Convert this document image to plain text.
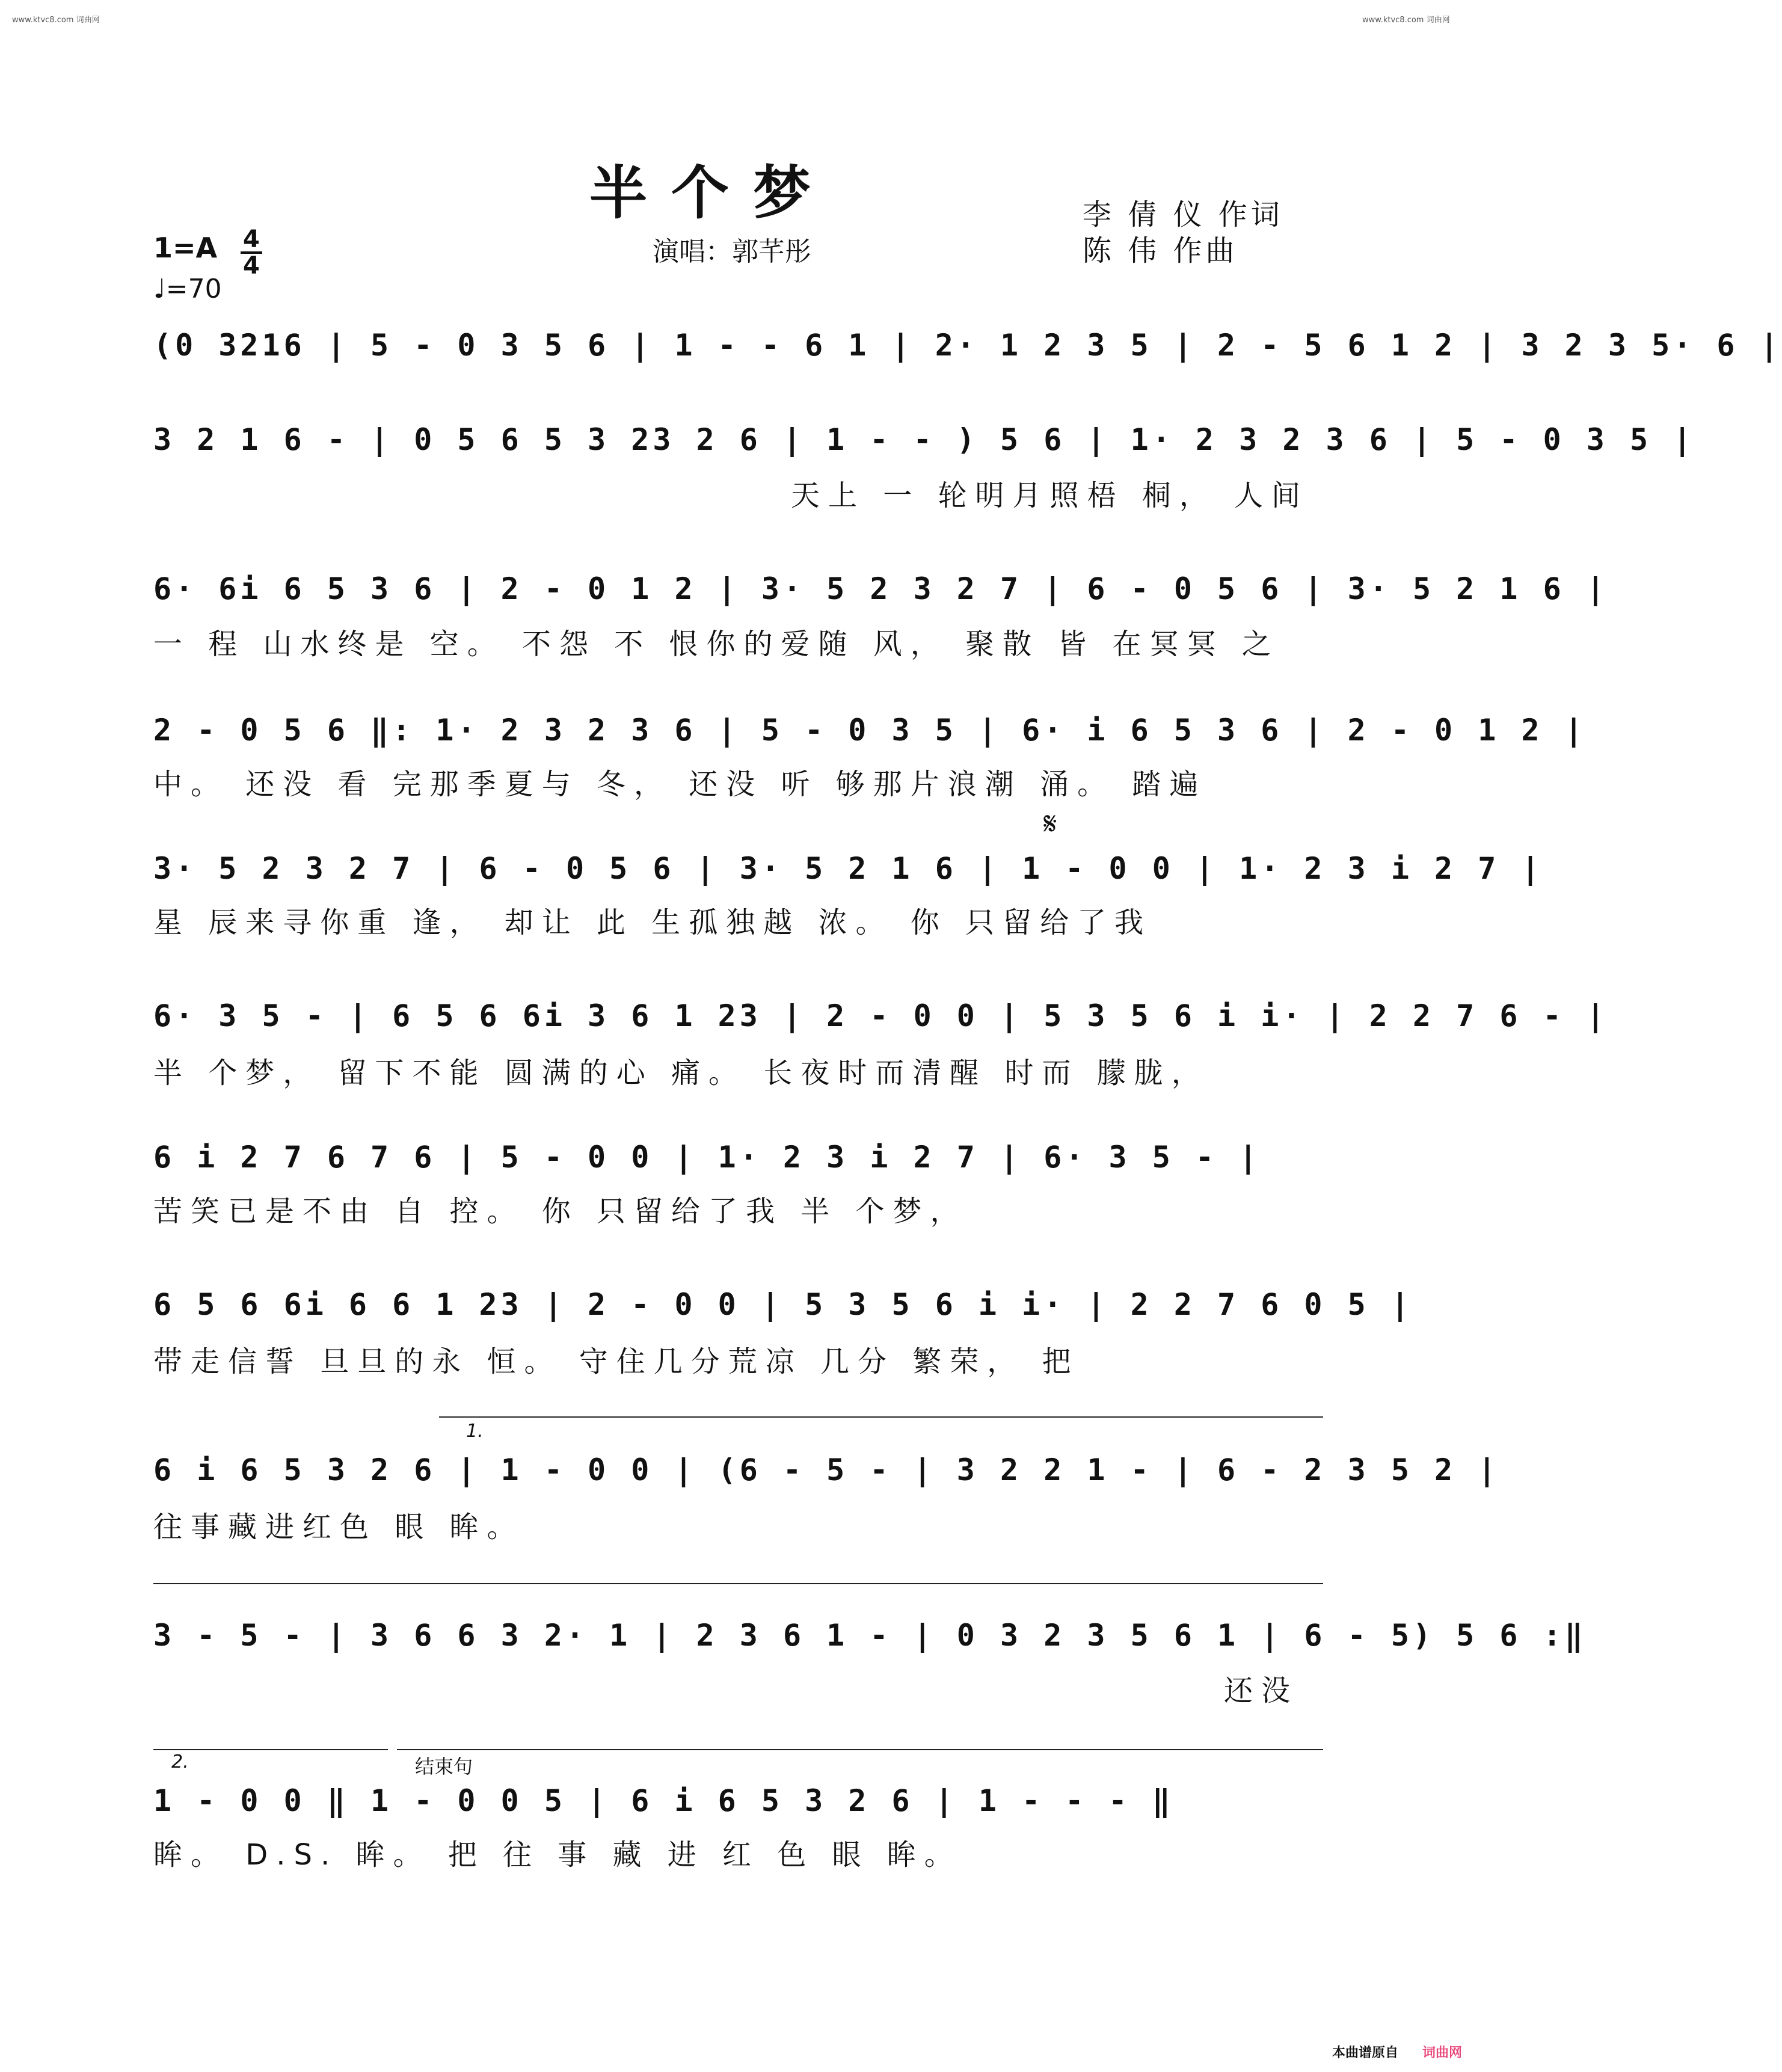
www.ktvc8.com 词曲网	www.ktvc8.com 词曲网
半个梦	李 倩 仪 作词
陈 伟 作曲
演唱：郭芊彤
$1=A \frac{4}{4}$
♩=70
(0 3216 | 5 - 0 3 5 6 | 1 - - 6 1 | 2· 1 2 3 5 | 2 - 5 6 1 2 | 3 2 3 5· 6 |
3 2 1 6 - | 0 5 6 5 3 23 2 6 | 1 - - ) 5 6 | 1· 2 3 2 3 6 | 5 - 0 3 5 |
天上 一 轮明月照梧 桐， 人间
6· 6i 6 5 3 6 | 2 - 0 1 2 | 3· 5 2 3 2 7 | 6 - 0 5 6 | 3· 5 2 1 6 |
一 程 山水终是 空。 不怨 不 恨你的爱随 风， 聚散 皆 在冥冥 之
2 - 0 5 6 ‖: 1· 2 3 2 3 6 | 5 - 0 3 5 | 6· i 6 5 3 6 | 2 - 0 1 2 |
中。 还没 看 完那季夏与 冬， 还没 听 够那片浪潮 涌。 踏遍
𝄋
3· 5 2 3 2 7 | 6 - 0 5 6 | 3· 5 2 1 6 | 1 - 0 0 | 1· 2 3 i 2 7 |
星 辰来寻你重 逢， 却让 此 生孤独越 浓。 你 只留给了我
6· 3 5 - | 6 5 6 6i 3 6 1 23 | 2 - 0 0 | 5 3 5 6 i i· | 2 2 7 6 - |
半 个梦， 留下不能 圆满的心 痛。 长夜时而清醒 时而 朦胧，
6 i 2 7 6 7 6 | 5 - 0 0 | 1· 2 3 i 2 7 | 6· 3 5 - |
苦笑已是不由 自 控。 你 只留给了我 半 个梦，
6 5 6 6i 6 6 1 23 | 2 - 0 0 | 5 3 5 6 i i· | 2 2 7 6 0 5 |
带走信誓 旦旦的永 恒。 守住几分荒凉 几分 繁荣， 把
1.
6 i 6 5 3 2 6 | 1 - 0 0 | (6 - 5 - | 3 2 2 1 - | 6 - 2 3 5 2 |
往事藏进红色 眼 眸。
3 - 5 - | 3 6 6 3 2· 1 | 2 3 6 1 - | 0 3 2 3 5 6 1 | 6 - 5) 5 6 :‖
还没
2.	结束句
1 - 0 0 ‖ 1 - 0 0 5 | 6 i 6 5 3 2 6 | 1 - - - ‖
眸。 D.S. 眸。 把 往 事 藏 进 红 色 眼 眸。
本曲谱原自 词曲网
